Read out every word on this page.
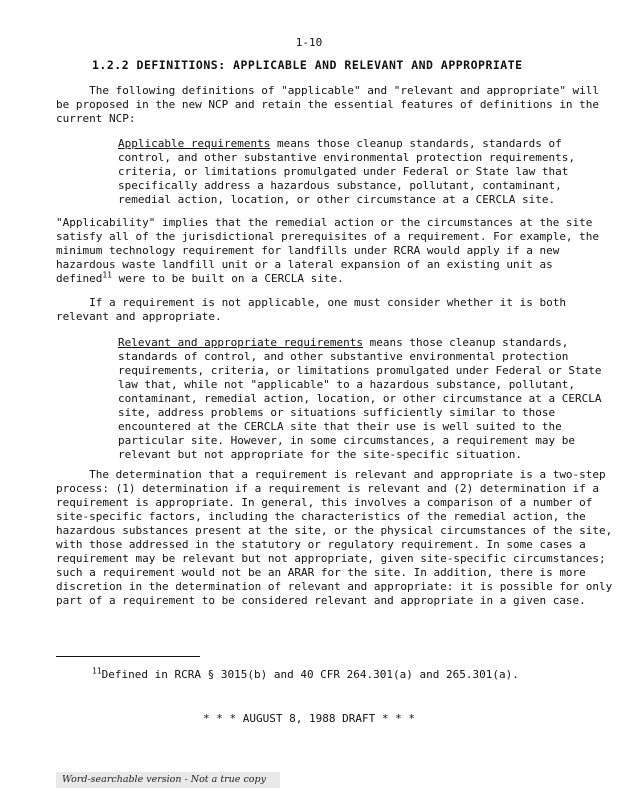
1-10
1.2.2 DEFINITIONS: APPLICABLE AND RELEVANT AND APPROPRIATE
The following definitions of "applicable" and "relevant and appropriate" will
be proposed in the new NCP and retain the essential features of definitions in the
current NCP:
Applicable requirements means those cleanup standards, standards of
control, and other substantive environmental protection requirements,
criteria, or limitations promulgated under Federal or State law that
specifically address a hazardous substance, pollutant, contaminant,
remedial action, location, or other circumstance at a CERCLA site.
"Applicability" implies that the remedial action or the circumstances at the site
satisfy all of the jurisdictional prerequisites of a requirement. For example, the
minimum technology requirement for landfills under RCRA would apply if a new
hazardous waste landfill unit or a lateral expansion of an existing unit as
defined$^{11}$ were to be built on a CERCLA site.
If a requirement is not applicable, one must consider whether it is both
relevant and appropriate.
Relevant and appropriate requirements means those cleanup standards,
standards of control, and other substantive environmental protection
requirements, criteria, or limitations promulgated under Federal or State
law that, while not "applicable" to a hazardous substance, pollutant,
contaminant, remedial action, location, or other circumstance at a CERCLA
site, address problems or situations sufficiently similar to those
encountered at the CERCLA site that their use is well suited to the
particular site. However, in some circumstances, a requirement may be
relevant but not appropriate for the site-specific situation.
The determination that a requirement is relevant and appropriate is a two-step
process: (1) determination if a requirement is relevant and (2) determination if a
requirement is appropriate. In general, this involves a comparison of a number of
site-specific factors, including the characteristics of the remedial action, the
hazardous substances present at the site, or the physical circumstances of the site,
with those addressed in the statutory or regulatory requirement. In some cases a
requirement may be relevant but not appropriate, given site-specific circumstances;
such a requirement would not be an ARAR for the site. In addition, there is more
discretion in the determination of relevant and appropriate: it is possible for only
part of a requirement to be considered relevant and appropriate in a given case.
$^{11}$Defined in RCRA § 3015(b) and 40 CFR 264.301(a) and 265.301(a).
* * * AUGUST 8, 1988 DRAFT * * *
Word-searchable version - Not a true copy
